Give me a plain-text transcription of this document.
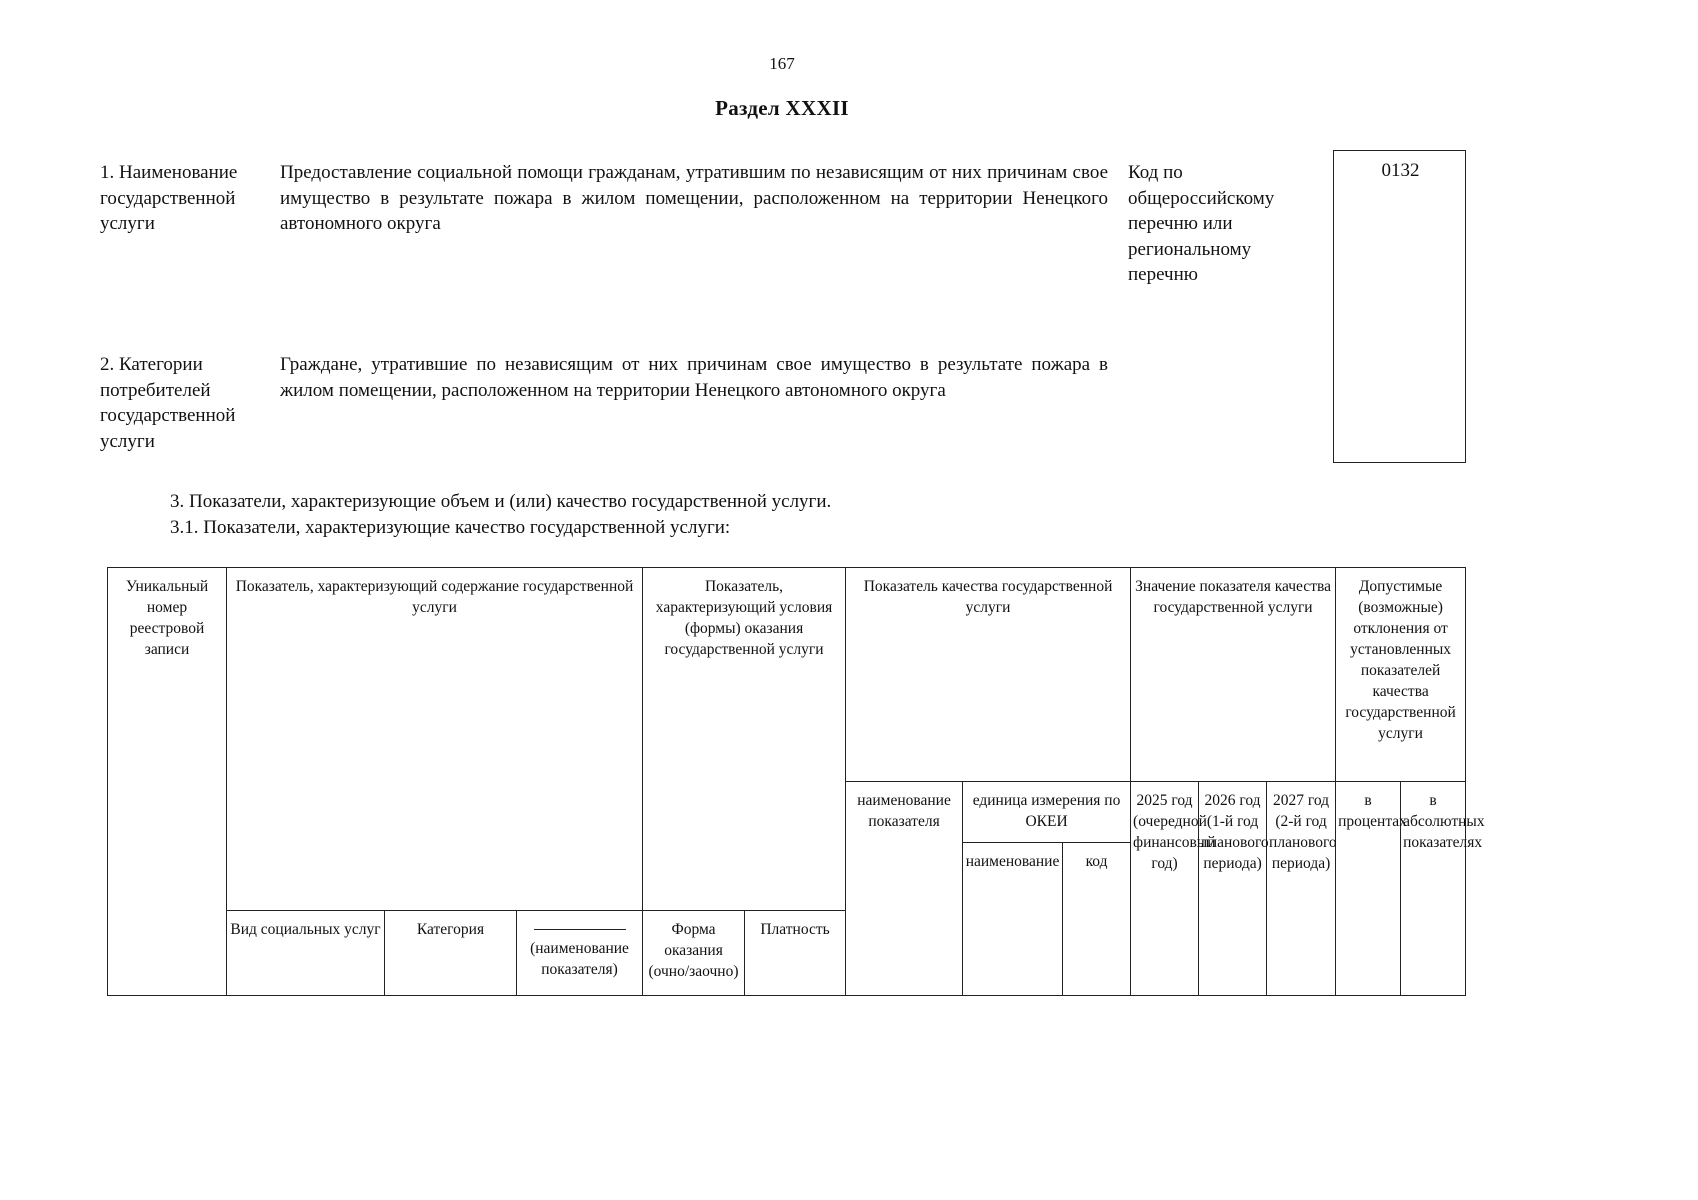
167
Раздел XXXII
1. Наименование государственной услуги
Предоставление социальной помощи гражданам, утратившим по независящим от них причинам свое имущество в результате пожара в жилом помещении, расположенном на территории Ненецкого автономного округа
Код по общероссийскому перечню или региональному перечню
0132
2. Категории потребителей государственной услуги
Граждане, утратившие по независящим от них причинам свое имущество в результате пожара в жилом помещении, расположенном на территории Ненецкого автономного округа
3. Показатели, характеризующие объем и (или) качество государственной услуги.
3.1. Показатели, характеризующие качество государственной услуги:
Уникальный номер реестровой записи	Показатель, характеризующий содержание государственной услуги			Показатель, характеризующий условия (формы) оказания государственной услуги		Показатель качества государственной услуги			Значение показателя качества государственной услуги			Допустимые (возможные) отклонения от установленных показателей качества государственной услуги	
						наименование показателя	единица измерения по ОКЕИ		2025 год (очередной финансовый год)	2026 год (1-й год планового периода)	2027 год (2-й год планового периода)	в процентах	в абсолютных показателях
							наименование	код					
	Вид социальных услуг	Категория	(наименование показателя)	Форма оказания (очно/заочно)	Платность								
